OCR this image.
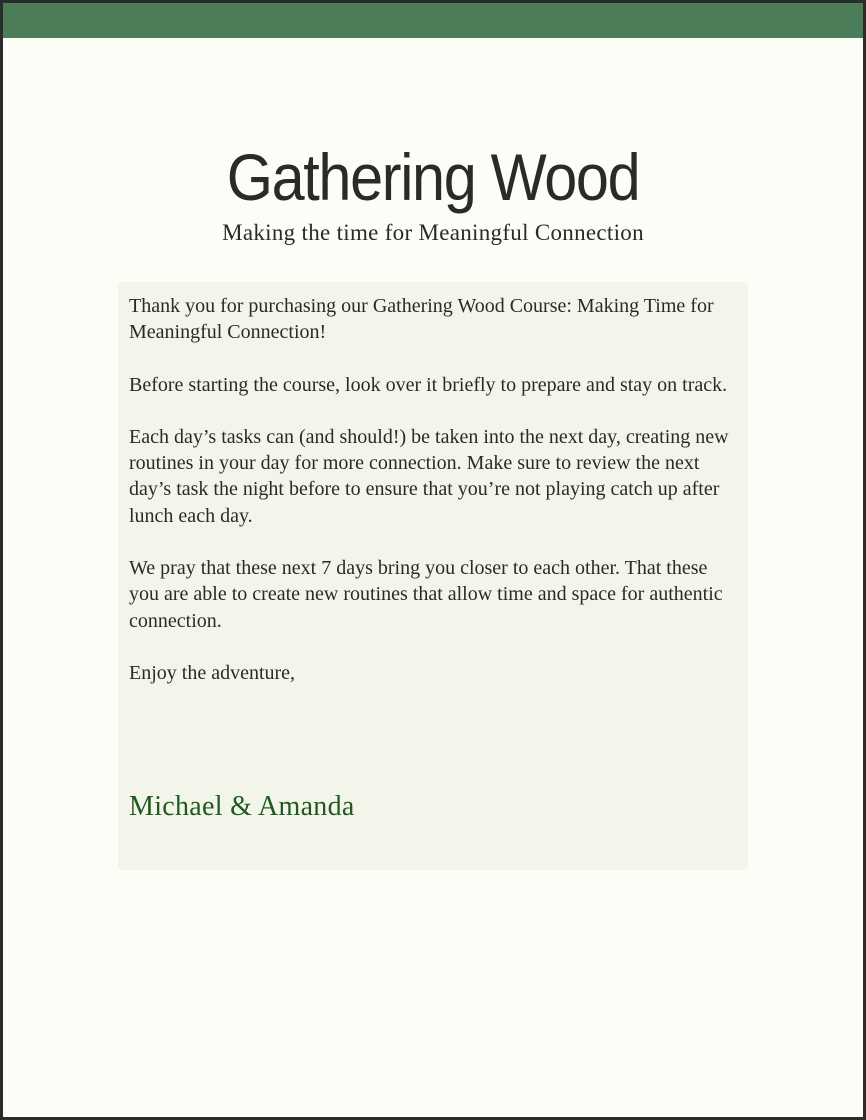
Gathering Wood
Making the time for Meaningful Connection

Thank you for purchasing our Gathering Wood Course: Making Time for Meaningful Connection!

Before starting the course, look over it briefly to prepare and stay on track.

Each day’s tasks can (and should!) be taken into the next day, creating new routines in your day for more connection. Make sure to review the next day’s task the night before to ensure that you’re not playing catch up after lunch each day.

We pray that these next 7 days bring you closer to each other. That these you are able to create new routines that allow time and space for authentic connection.

Enjoy the adventure,

Michael & Amanda
